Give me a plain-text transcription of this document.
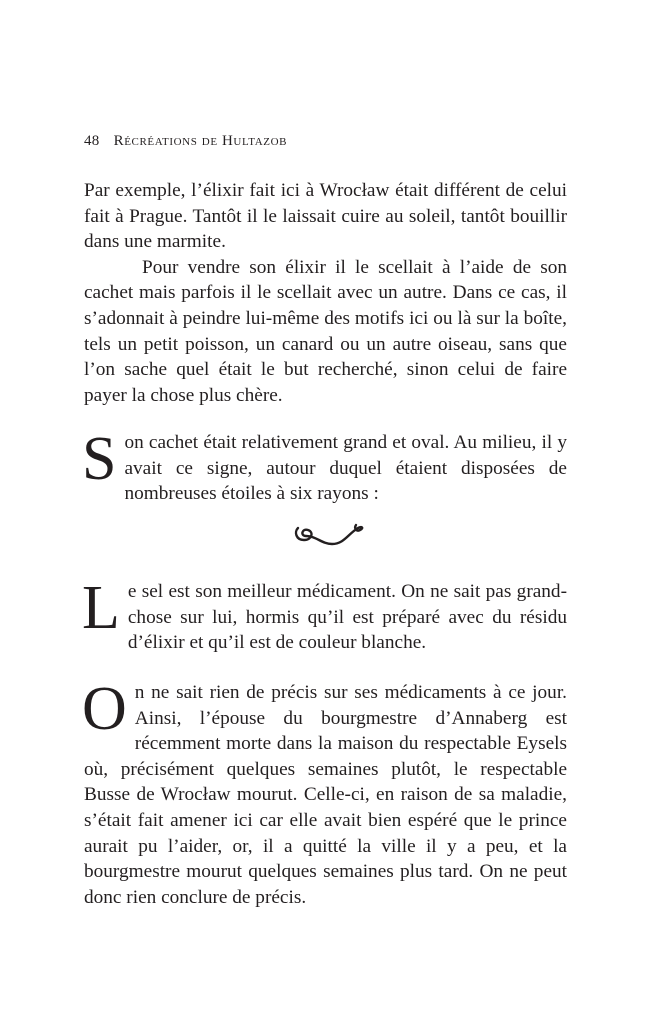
48 Récréations de Hultazob

Par exemple, l’élixir fait ici à Wrocław était différent de celui fait à Prague. Tantôt il le laissait cuire au soleil, tantôt bouillir dans une marmite.

Pour vendre son élixir il le scellait à l’aide de son cachet mais parfois il le scellait avec un autre. Dans ce cas, il s’adonnait à peindre lui-même des motifs ici ou là sur la boîte, tels un petit poisson, un canard ou un autre oiseau, sans que l’on sache quel était le but recherché, sinon celui de faire payer la chose plus chère.

Son cachet était relativement grand et oval. Au milieu, il y avait ce signe, autour duquel étaient disposées de nombreuses étoiles à six rayons :

Le sel est son meilleur médicament. On ne sait pas grand-chose sur lui, hormis qu’il est préparé avec du résidu d’élixir et qu’il est de couleur blanche.

On ne sait rien de précis sur ses médicaments à ce jour. Ainsi, l’épouse du bourgmestre d’Annaberg est récemment morte dans la maison du respectable Eysels où, précisément quelques semaines plutôt, le respectable Busse de Wrocław mourut. Celle-ci, en raison de sa maladie, s’était fait amener ici car elle avait bien espéré que le prince aurait pu l’aider, or, il a quitté la ville il y a peu, et la bourgmestre mourut quelques semaines plus tard. On ne peut donc rien conclure de précis.
